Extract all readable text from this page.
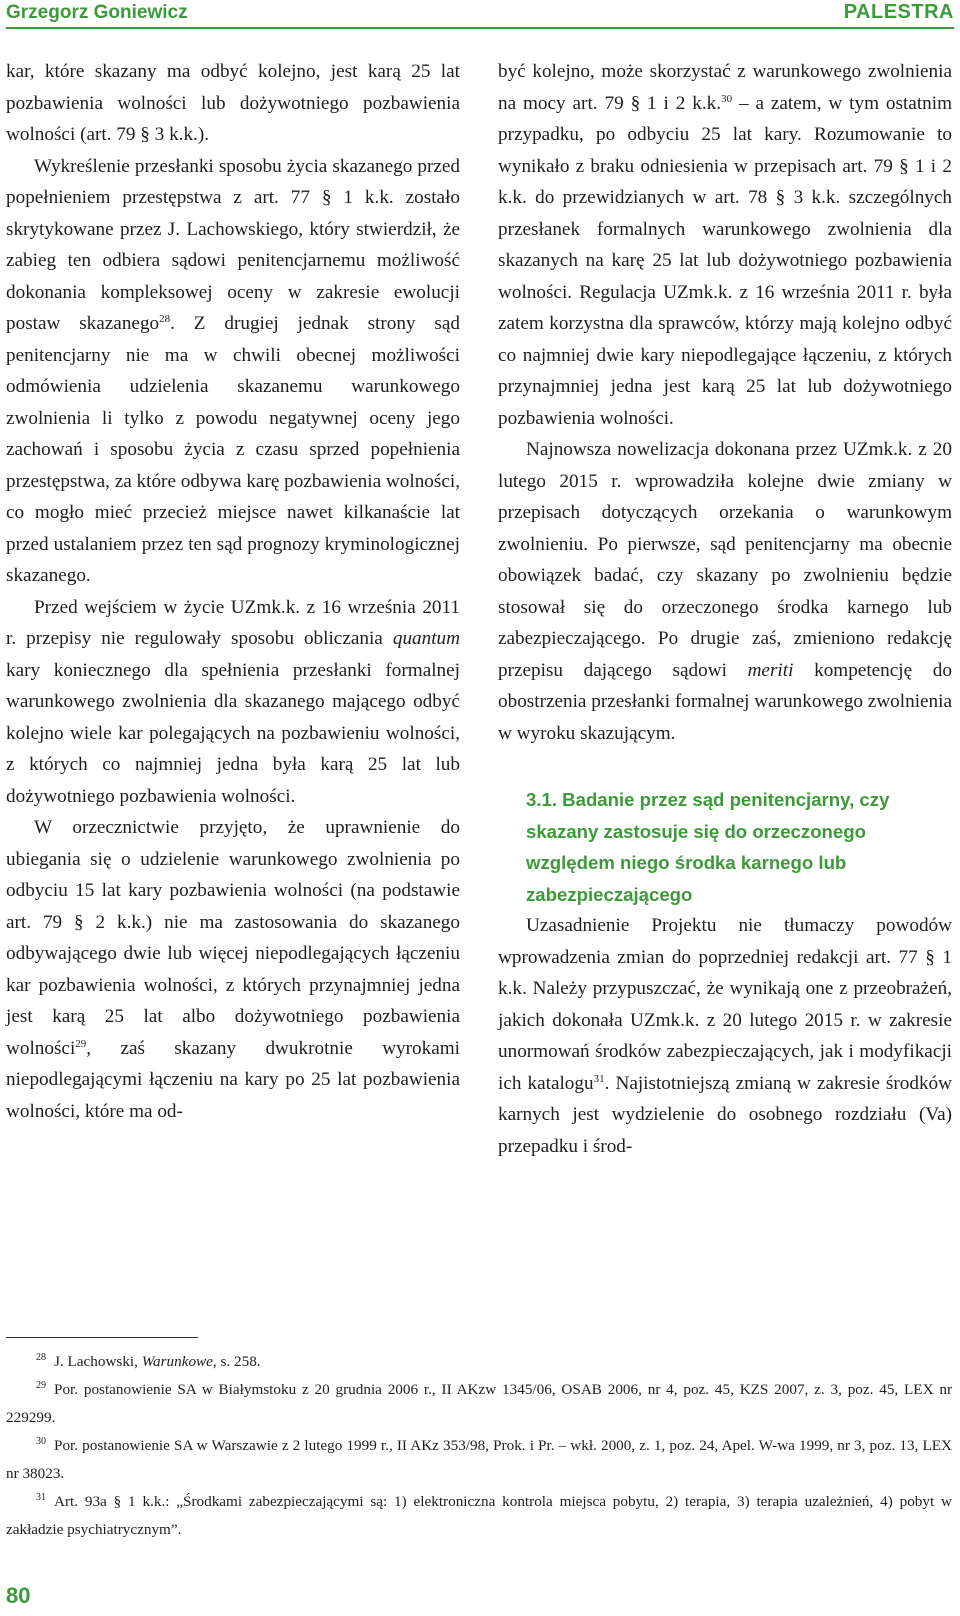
Grzegorz Goniewicz	PALESTRA

kar, które skazany ma odbyć kolejno, jest karą 25 lat pozbawienia wolności lub dożywotniego pozbawienia wolności (art. 79 § 3 k.k.).

Wykreślenie przesłanki sposobu życia skazanego przed popełnieniem przestępstwa z art. 77 § 1 k.k. zostało skrytykowane przez J. Lachowskiego, który stwierdził, że zabieg ten odbiera sądowi penitencjarnemu możliwość dokonania kompleksowej oceny w zakresie ewolucji postaw skazanego$^{28}$. Z drugiej jednak strony sąd penitencjarny nie ma w chwili obecnej możliwości odmówienia udzielenia skazanemu warunkowego zwolnienia li tylko z powodu negatywnej oceny jego zachowań i sposobu życia z czasu sprzed popełnienia przestępstwa, za które odbywa karę pozbawienia wolności, co mogło mieć przecież miejsce nawet kilkanaście lat przed ustalaniem przez ten sąd prognozy kryminologicznej skazanego.

Przed wejściem w życie UZmk.k. z 16 września 2011 r. przepisy nie regulowały sposobu obliczania quantum kary koniecznego dla spełnienia przesłanki formalnej warunkowego zwolnienia dla skazanego mającego odbyć kolejno wiele kar polegających na pozbawieniu wolności, z których co najmniej jedna była karą 25 lat lub dożywotniego pozbawienia wolności.

W orzecznictwie przyjęto, że uprawnienie do ubiegania się o udzielenie warunkowego zwolnienia po odbyciu 15 lat kary pozbawienia wolności (na podstawie art. 79 § 2 k.k.) nie ma zastosowania do skazanego odbywającego dwie lub więcej niepodlegających łączeniu kar pozbawienia wolności, z których przynajmniej jedna jest karą 25 lat albo dożywotniego pozbawienia wolności$^{29}$, zaś skazany dwukrotnie wyrokami niepodlegającymi łączeniu na kary po 25 lat pozbawienia wolności, które ma od-

być kolejno, może skorzystać z warunkowego zwolnienia na mocy art. 79 § 1 i 2 k.k.$^{30}$ – a zatem, w tym ostatnim przypadku, po odbyciu 25 lat kary. Rozumowanie to wynikało z braku odniesienia w przepisach art. 79 § 1 i 2 k.k. do przewidzianych w art. 78 § 3 k.k. szczególnych przesłanek formalnych warunkowego zwolnienia dla skazanych na karę 25 lat lub dożywotniego pozbawienia wolności. Regulacja UZmk.k. z 16 września 2011 r. była zatem korzystna dla sprawców, którzy mają kolejno odbyć co najmniej dwie kary niepodlegające łączeniu, z których przynajmniej jedna jest karą 25 lat lub dożywotniego pozbawienia wolności.

Najnowsza nowelizacja dokonana przez UZmk.k. z 20 lutego 2015 r. wprowadziła kolejne dwie zmiany w przepisach dotyczących orzekania o warunkowym zwolnieniu. Po pierwsze, sąd penitencjarny ma obecnie obowiązek badać, czy skazany po zwolnieniu będzie stosował się do orzeczonego środka karnego lub zabezpieczającego. Po drugie zaś, zmieniono redakcję przepisu dającego sądowi meriti kompetencję do obostrzenia przesłanki formalnej warunkowego zwolnienia w wyroku skazującym.

3.1. Badanie przez sąd penitencjarny, czy skazany zastosuje się do orzeczonego względem niego środka karnego lub zabezpieczającego

Uzasadnienie Projektu nie tłumaczy powodów wprowadzenia zmian do poprzedniej redakcji art. 77 § 1 k.k. Należy przypuszczać, że wynikają one z przeobrażeń, jakich dokonała UZmk.k. z 20 lutego 2015 r. w zakresie unormowań środków zabezpieczających, jak i modyfikacji ich katalogu$^{31}$. Najistotniejszą zmianą w zakresie środków karnych jest wydzielenie do osobnego rozdziału (Va) przepadku i środ-

$^{28}$ J. Lachowski, Warunkowe, s. 258.

$^{29}$ Por. postanowienie SA w Białymstoku z 20 grudnia 2006 r., II AKzw 1345/06, OSAB 2006, nr 4, poz. 45, KZS 2007, z. 3, poz. 45, LEX nr 229299.

$^{30}$ Por. postanowienie SA w Warszawie z 2 lutego 1999 r., II AKz 353/98, Prok. i Pr. – wkł. 2000, z. 1, poz. 24, Apel. W-wa 1999, nr 3, poz. 13, LEX nr 38023.

$^{31}$ Art. 93a § 1 k.k.: „Środkami zabezpieczającymi są: 1) elektroniczna kontrola miejsca pobytu, 2) terapia, 3) terapia uzależnień, 4) pobyt w zakładzie psychiatrycznym”.

80
